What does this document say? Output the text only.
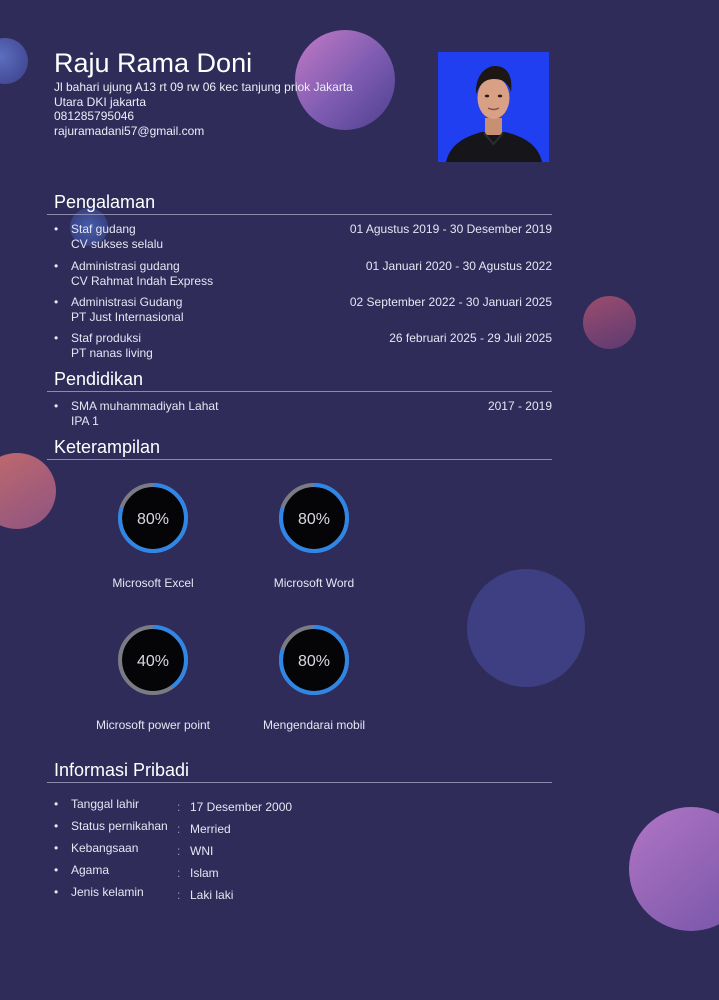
Raju Rama Doni
Jl bahari ujung A13 rt 09 rw 06 kec tanjung priok Jakarta
Utara DKI jakarta
081285795046
rajuramadani57@gmail.com
Pengalaman
• Staf gudang
CV sukses selalu
01 Agustus 2019 - 30 Desember 2019
• Administrasi gudang
CV Rahmat Indah Express
01 Januari 2020 - 30 Agustus 2022
• Administrasi Gudang
PT Just Internasional
02 September 2022 - 30 Januari 2025
• Staf produksi
PT nanas living
26 februari 2025 - 29 Juli 2025
Pendidikan
• SMA muhammadiyah Lahat
IPA 1
2017 - 2019
Keterampilan
80%
Microsoft Excel
80%
Microsoft Word
40%
Microsoft power point
80%
Mengendarai mobil
Informasi Pribadi
• Tanggal lahir	: 17 Desember 2000
• Status pernikahan : Merried
• Kebangsaan	: WNI
• Agama	: Islam
• Jenis kelamin	: Laki laki
